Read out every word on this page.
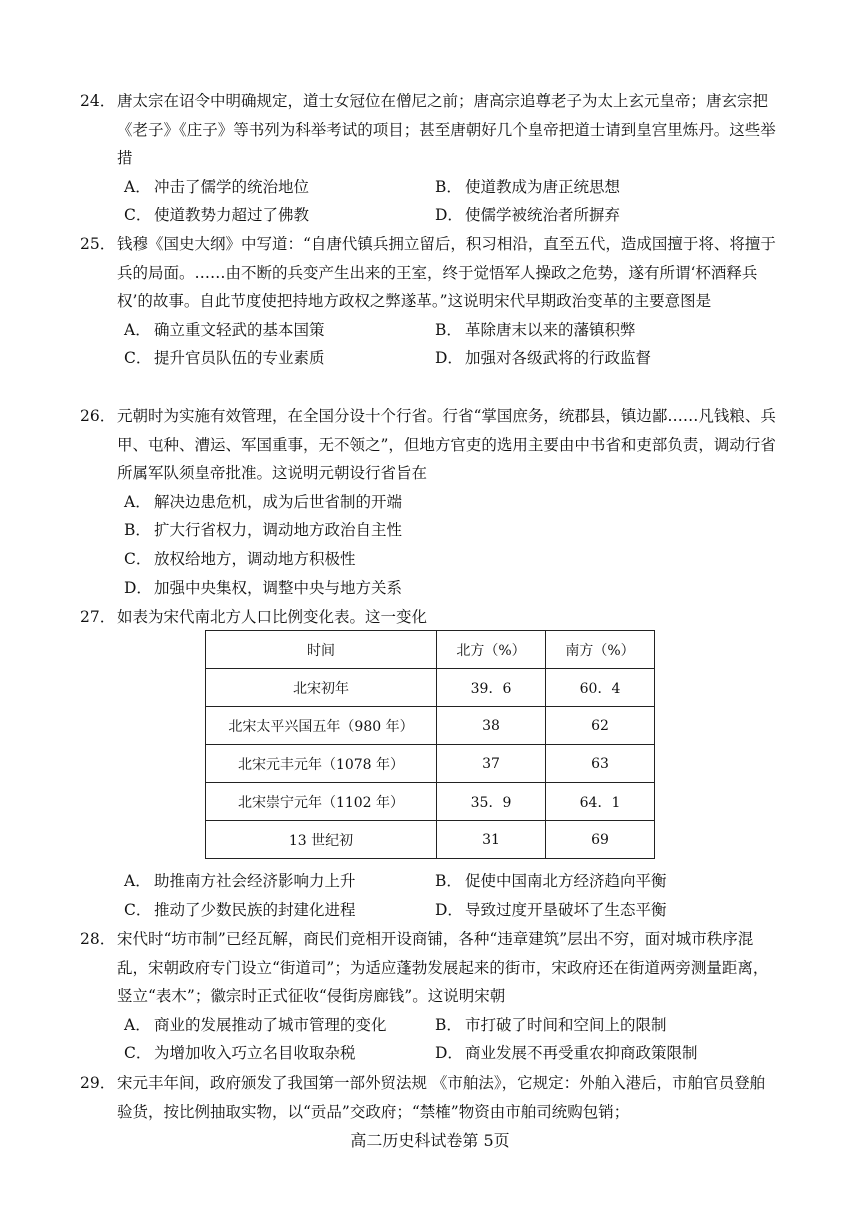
24． 唐太宗在诏令中明确规定，道士女冠位在僧尼之前；唐高宗追尊老子为太上玄元皇帝；唐玄宗把《老子》《庄子》等书列为科举考试的项目；甚至唐朝好几个皇帝把道士请到皇宫里炼丹。这些举措
A． 冲击了儒学的统治地位	B． 使道教成为唐正统思想
C． 使道教势力超过了佛教	D． 使儒学被统治者所摒弃
25． 钱穆《国史大纲》中写道：“自唐代镇兵拥立留后，积习相沿，直至五代，造成国擅于将、将擅于兵的局面。……由不断的兵变产生出来的王室，终于觉悟军人操政之危势，遂有所谓‘杯酒释兵权’的故事。自此节度使把持地方政权之弊遂革。”这说明宋代早期政治变革的主要意图是
A． 确立重文轻武的基本国策	B． 革除唐末以来的藩镇积弊
C． 提升官员队伍的专业素质	D． 加强对各级武将的行政监督
26． 元朝时为实施有效管理，在全国分设十个行省。行省“掌国庶务，统郡县，镇边鄙……凡钱粮、兵甲、屯种、漕运、军国重事，无不领之”，但地方官吏的选用主要由中书省和吏部负责，调动行省所属军队须皇帝批准。这说明元朝设行省旨在
A． 解决边患危机，成为后世省制的开端
B． 扩大行省权力，调动地方政治自主性
C． 放权给地方，调动地方积极性
D． 加强中央集权，调整中央与地方关系
27． 如表为宋代南北方人口比例变化表。这一变化
时间	北方（%）	南方（%）
北宋初年	39．6	60．4
北宋太平兴国五年（980 年）	38	62
北宋元丰元年（1078 年）	37	63
北宋崇宁元年（1102 年）	35．9	64．1
13 世纪初	31	69
A． 助推南方社会经济影响力上升	B． 促使中国南北方经济趋向平衡
C． 推动了少数民族的封建化进程	D． 导致过度开垦破坏了生态平衡
28． 宋代时“坊市制”已经瓦解，商民们竞相开设商铺，各种“违章建筑”层出不穷，面对城市秩序混乱，宋朝政府专门设立“街道司”；为适应蓬勃发展起来的街市，宋政府还在街道两旁测量距离，竖立“表木”；徽宗时正式征收“侵街房廊钱”。这说明宋朝
A． 商业的发展推动了城市管理的变化	B． 市打破了时间和空间上的限制
C． 为增加收入巧立名目收取杂税	D． 商业发展不再受重农抑商政策限制
29． 宋元丰年间，政府颁发了我国第一部外贸法规 《市舶法》，它规定：外舶入港后，市舶官员登舶验货，按比例抽取实物，以“贡品”交政府；“禁榷”物资由市舶司统购包销；
高二历史科试卷第 5页
